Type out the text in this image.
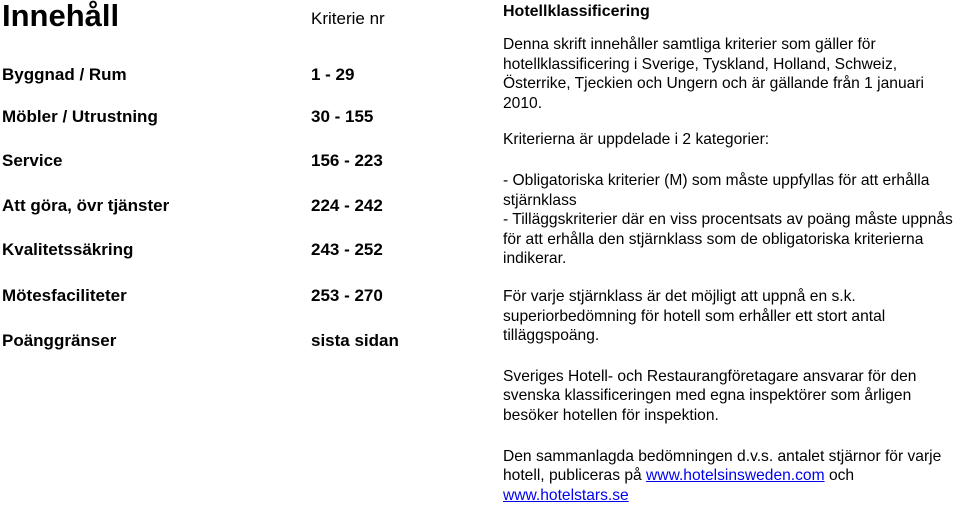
Innehåll	Kriterie nr
Byggnad / Rum	1 - 29
Möbler / Utrustning	30 - 155
Service	156 - 223
Att göra, övr tjänster	224 - 242
Kvalitetssäkring	243 - 252
Mötesfaciliteter	253 - 270
Poänggränser	sista sidan

Hotellklassificering

Denna skrift innehåller samtliga kriterier som gäller för hotellklassificering i Sverige, Tyskland, Holland, Schweiz, Österrike, Tjeckien och Ungern och är gällande från 1 januari 2010.

Kriterierna är uppdelade i 2 kategorier:

- Obligatoriska kriterier (M) som måste uppfyllas för att erhålla stjärnklass

- Tilläggskriterier där en viss procentsats av poäng måste uppnås för att erhålla den stjärnklass som de obligatoriska kriterierna indikerar.

För varje stjärnklass är det möjligt att uppnå en s.k. superiorbedömning för hotell som erhåller ett stort antal tilläggspoäng.

Sveriges Hotell- och Restaurangföretagare ansvarar för den svenska klassificeringen med egna inspektörer som årligen besöker hotellen för inspektion.

Den sammanlagda bedömningen d.v.s. antalet stjärnor för varje hotell, publiceras på www.hotelsinsweden.com och www.hotelstars.se
